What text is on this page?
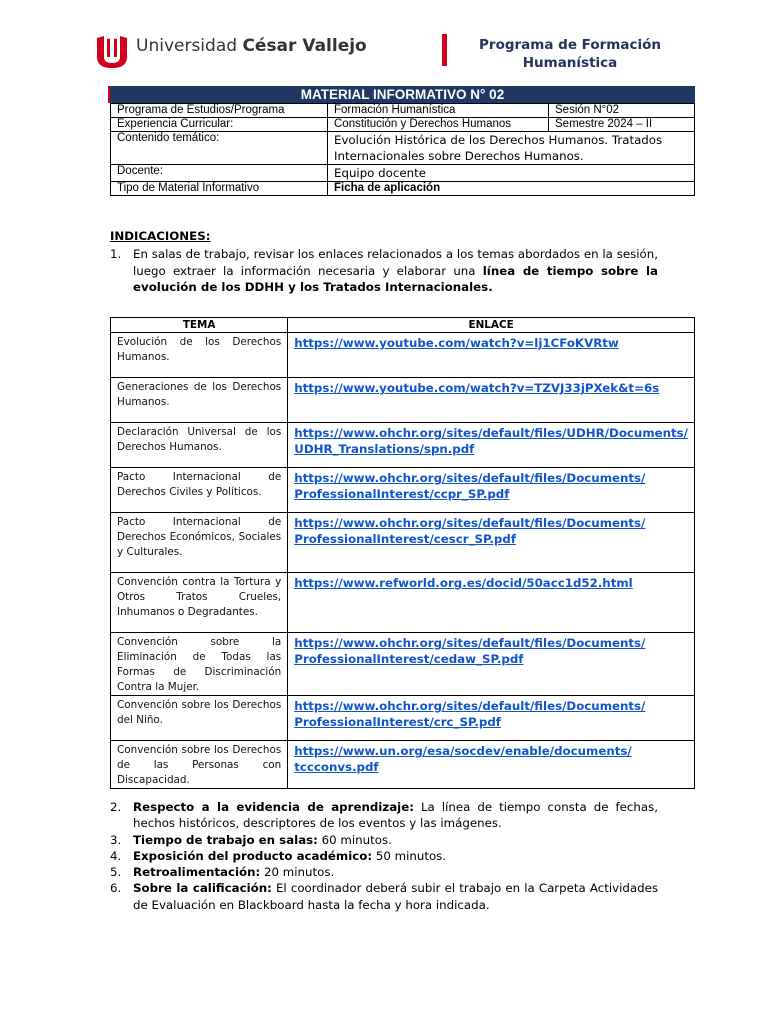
Universidad César Vallejo	Programa de Formación Humanística
MATERIAL INFORMATIVO N° 02
Programa de Estudios/Programa	Formación Humanística	Sesión N°02
Experiencia Curricular:	Constitución y Derechos Humanos	Semestre 2024 – II
Contenido temático:	Evolución Histórica de los Derechos Humanos. Tratados Internacionales sobre Derechos Humanos.	
Docente:	Equipo docente	
Tipo de Material Informativo	Ficha de aplicación	
INDICACIONES:
1. En salas de trabajo, revisar los enlaces relacionados a los temas abordados en la sesión, luego extraer la información necesaria y elaborar una línea de tiempo sobre la evolución de los DDHH y los Tratados Internacionales.
TEMA	ENLACE
Evolución de los Derechos Humanos.	https://www.youtube.com/watch?v=lj1CFoKVRtw
Generaciones de los Derechos Humanos.	https://www.youtube.com/watch?v=TZVJ33jPXek&t=6s
Declaración Universal de los Derechos Humanos.	https://www.ohchr.org/sites/default/files/UDHR/Documents/
UDHR_Translations/spn.pdf
Pacto Internacional de Derechos Civiles y Políticos.	https://www.ohchr.org/sites/default/files/Documents/
ProfessionalInterest/ccpr_SP.pdf
Pacto Internacional de Derechos Económicos, Sociales y Culturales.	https://www.ohchr.org/sites/default/files/Documents/
ProfessionalInterest/cescr_SP.pdf
Convención contra la Tortura y Otros Tratos Crueles, Inhumanos o Degradantes.	https://www.refworld.org.es/docid/50acc1d52.html
Convención sobre la Eliminación de Todas las Formas de Discriminación Contra la Mujer.	https://www.ohchr.org/sites/default/files/Documents/
ProfessionalInterest/cedaw_SP.pdf
Convención sobre los Derechos del Niño.	https://www.ohchr.org/sites/default/files/Documents/
ProfessionalInterest/crc_SP.pdf
Convención sobre los Derechos de las Personas con Discapacidad.	https://www.un.org/esa/socdev/enable/documents/
tccconvs.pdf
2. Respecto a la evidencia de aprendizaje: La línea de tiempo consta de fechas, hechos históricos, descriptores de los eventos y las imágenes.
3. Tiempo de trabajo en salas: 60 minutos.
4. Exposición del producto académico: 50 minutos.
5. Retroalimentación: 20 minutos.
6. Sobre la calificación: El coordinador deberá subir el trabajo en la Carpeta Actividades de Evaluación en Blackboard hasta la fecha y hora indicada.
